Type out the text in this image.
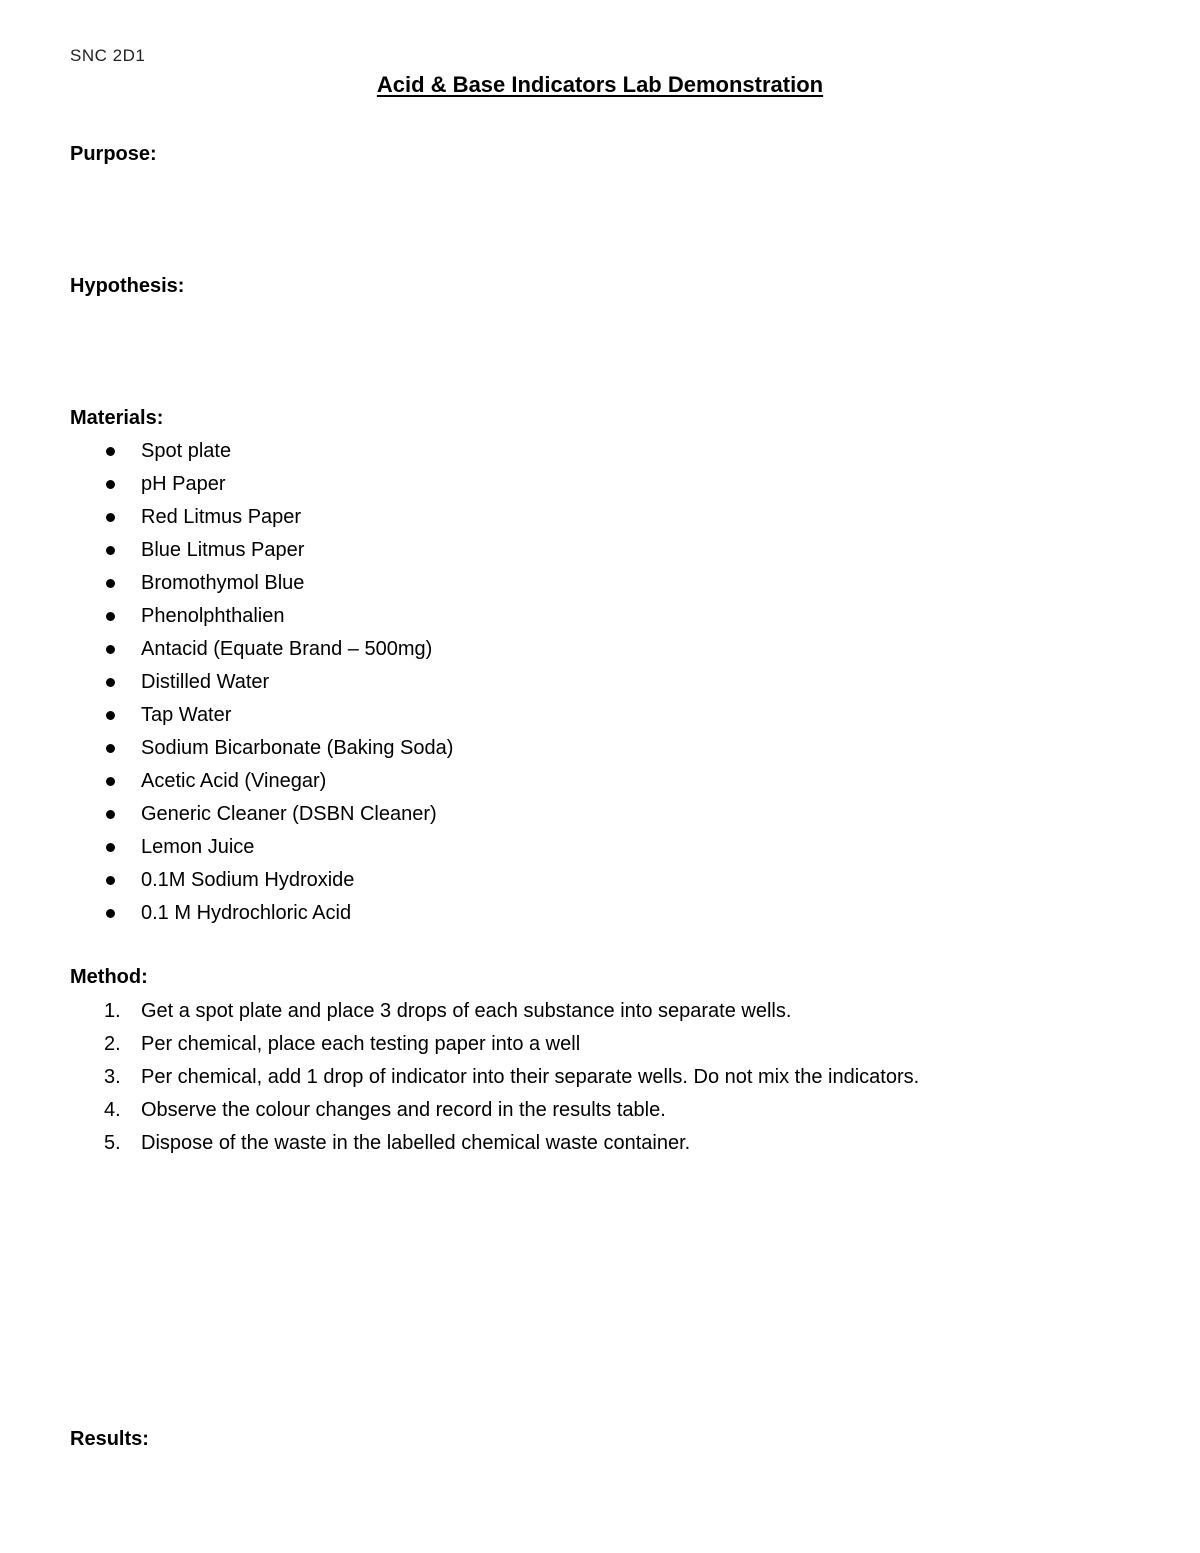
SNC 2D1
Acid & Base Indicators Lab Demonstration
Purpose:
Hypothesis:
Materials:
Spot plate
pH Paper
Red Litmus Paper
Blue Litmus Paper
Bromothymol Blue
Phenolphthalien
Antacid (Equate Brand – 500mg)
Distilled Water
Tap Water
Sodium Bicarbonate (Baking Soda)
Acetic Acid (Vinegar)
Generic Cleaner (DSBN Cleaner)
Lemon Juice
0.1M Sodium Hydroxide
0.1 M Hydrochloric Acid
Method:
1. Get a spot plate and place 3 drops of each substance into separate wells.
2. Per chemical, place each testing paper into a well
3. Per chemical, add 1 drop of indicator into their separate wells. Do not mix the indicators.
4. Observe the colour changes and record in the results table.
5. Dispose of the waste in the labelled chemical waste container.
Results:
